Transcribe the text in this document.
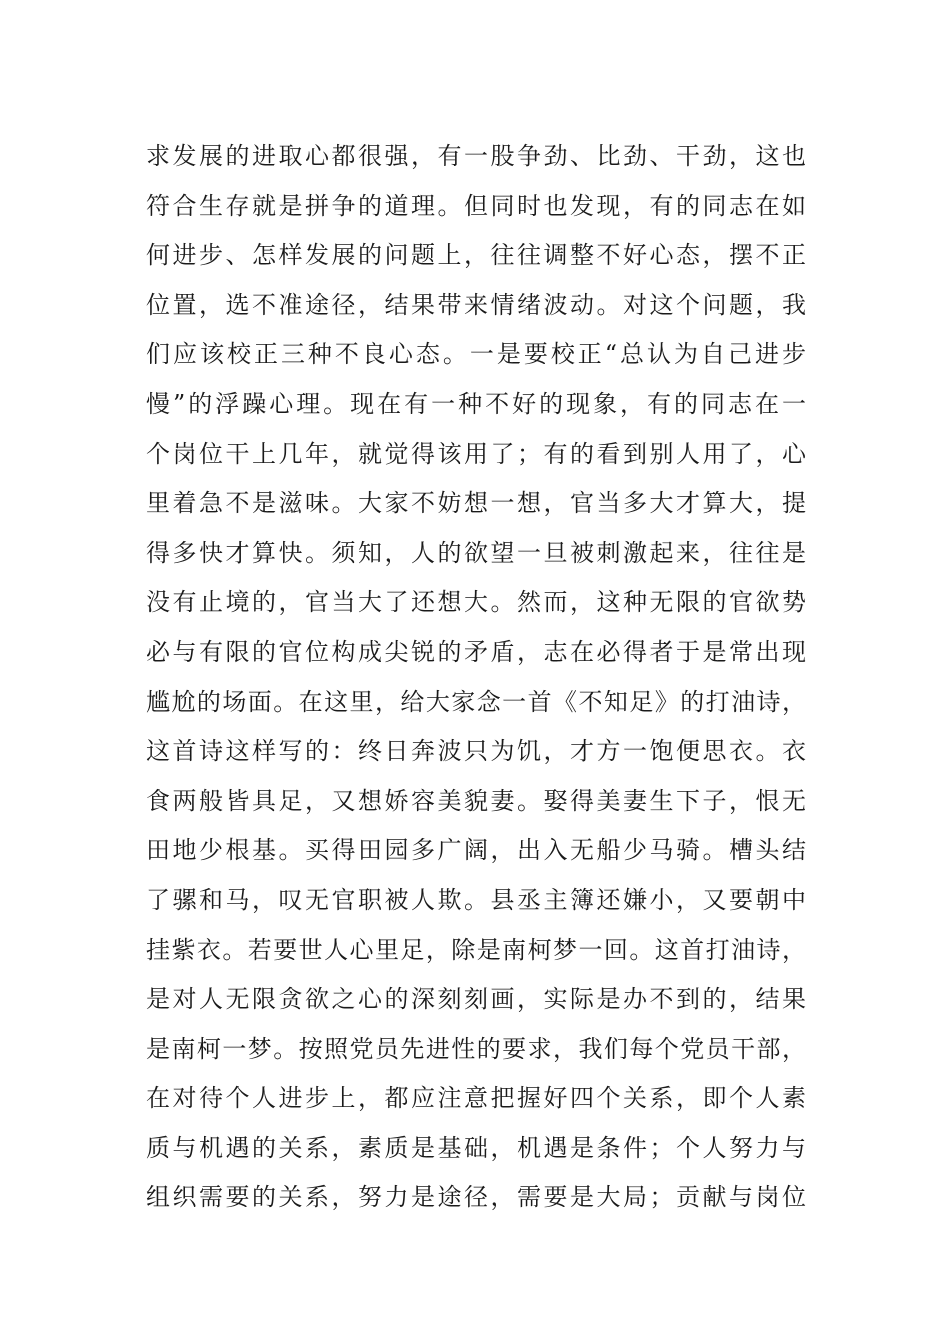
求发展的进取心都很强，有一股争劲、比劲、干劲，这也
符合生存就是拼争的道理。但同时也发现，有的同志在如
何进步、怎样发展的问题上，往往调整不好心态，摆不正
位置，选不准途径，结果带来情绪波动。对这个问题，我
们应该校正三种不良心态。一是要校正“总认为自己进步
慢”的浮躁心理。现在有一种不好的现象，有的同志在一
个岗位干上几年，就觉得该用了；有的看到别人用了，心
里着急不是滋味。大家不妨想一想，官当多大才算大，提
得多快才算快。须知，人的欲望一旦被刺激起来，往往是
没有止境的，官当大了还想大。然而，这种无限的官欲势
必与有限的官位构成尖锐的矛盾，志在必得者于是常出现
尴尬的场面。在这里，给大家念一首《不知足》的打油诗，
这首诗这样写的：终日奔波只为饥，才方一饱便思衣。衣
食两般皆具足，又想娇容美貌妻。娶得美妻生下子，恨无
田地少根基。买得田园多广阔，出入无船少马骑。槽头结
了骡和马，叹无官职被人欺。县丞主簿还嫌小，又要朝中
挂紫衣。若要世人心里足，除是南柯梦一回。这首打油诗，
是对人无限贪欲之心的深刻刻画，实际是办不到的，结果
是南柯一梦。按照党员先进性的要求，我们每个党员干部，
在对待个人进步上，都应注意把握好四个关系，即个人素
质与机遇的关系，素质是基础，机遇是条件；个人努力与
组织需要的关系，努力是途径，需要是大局；贡献与岗位
